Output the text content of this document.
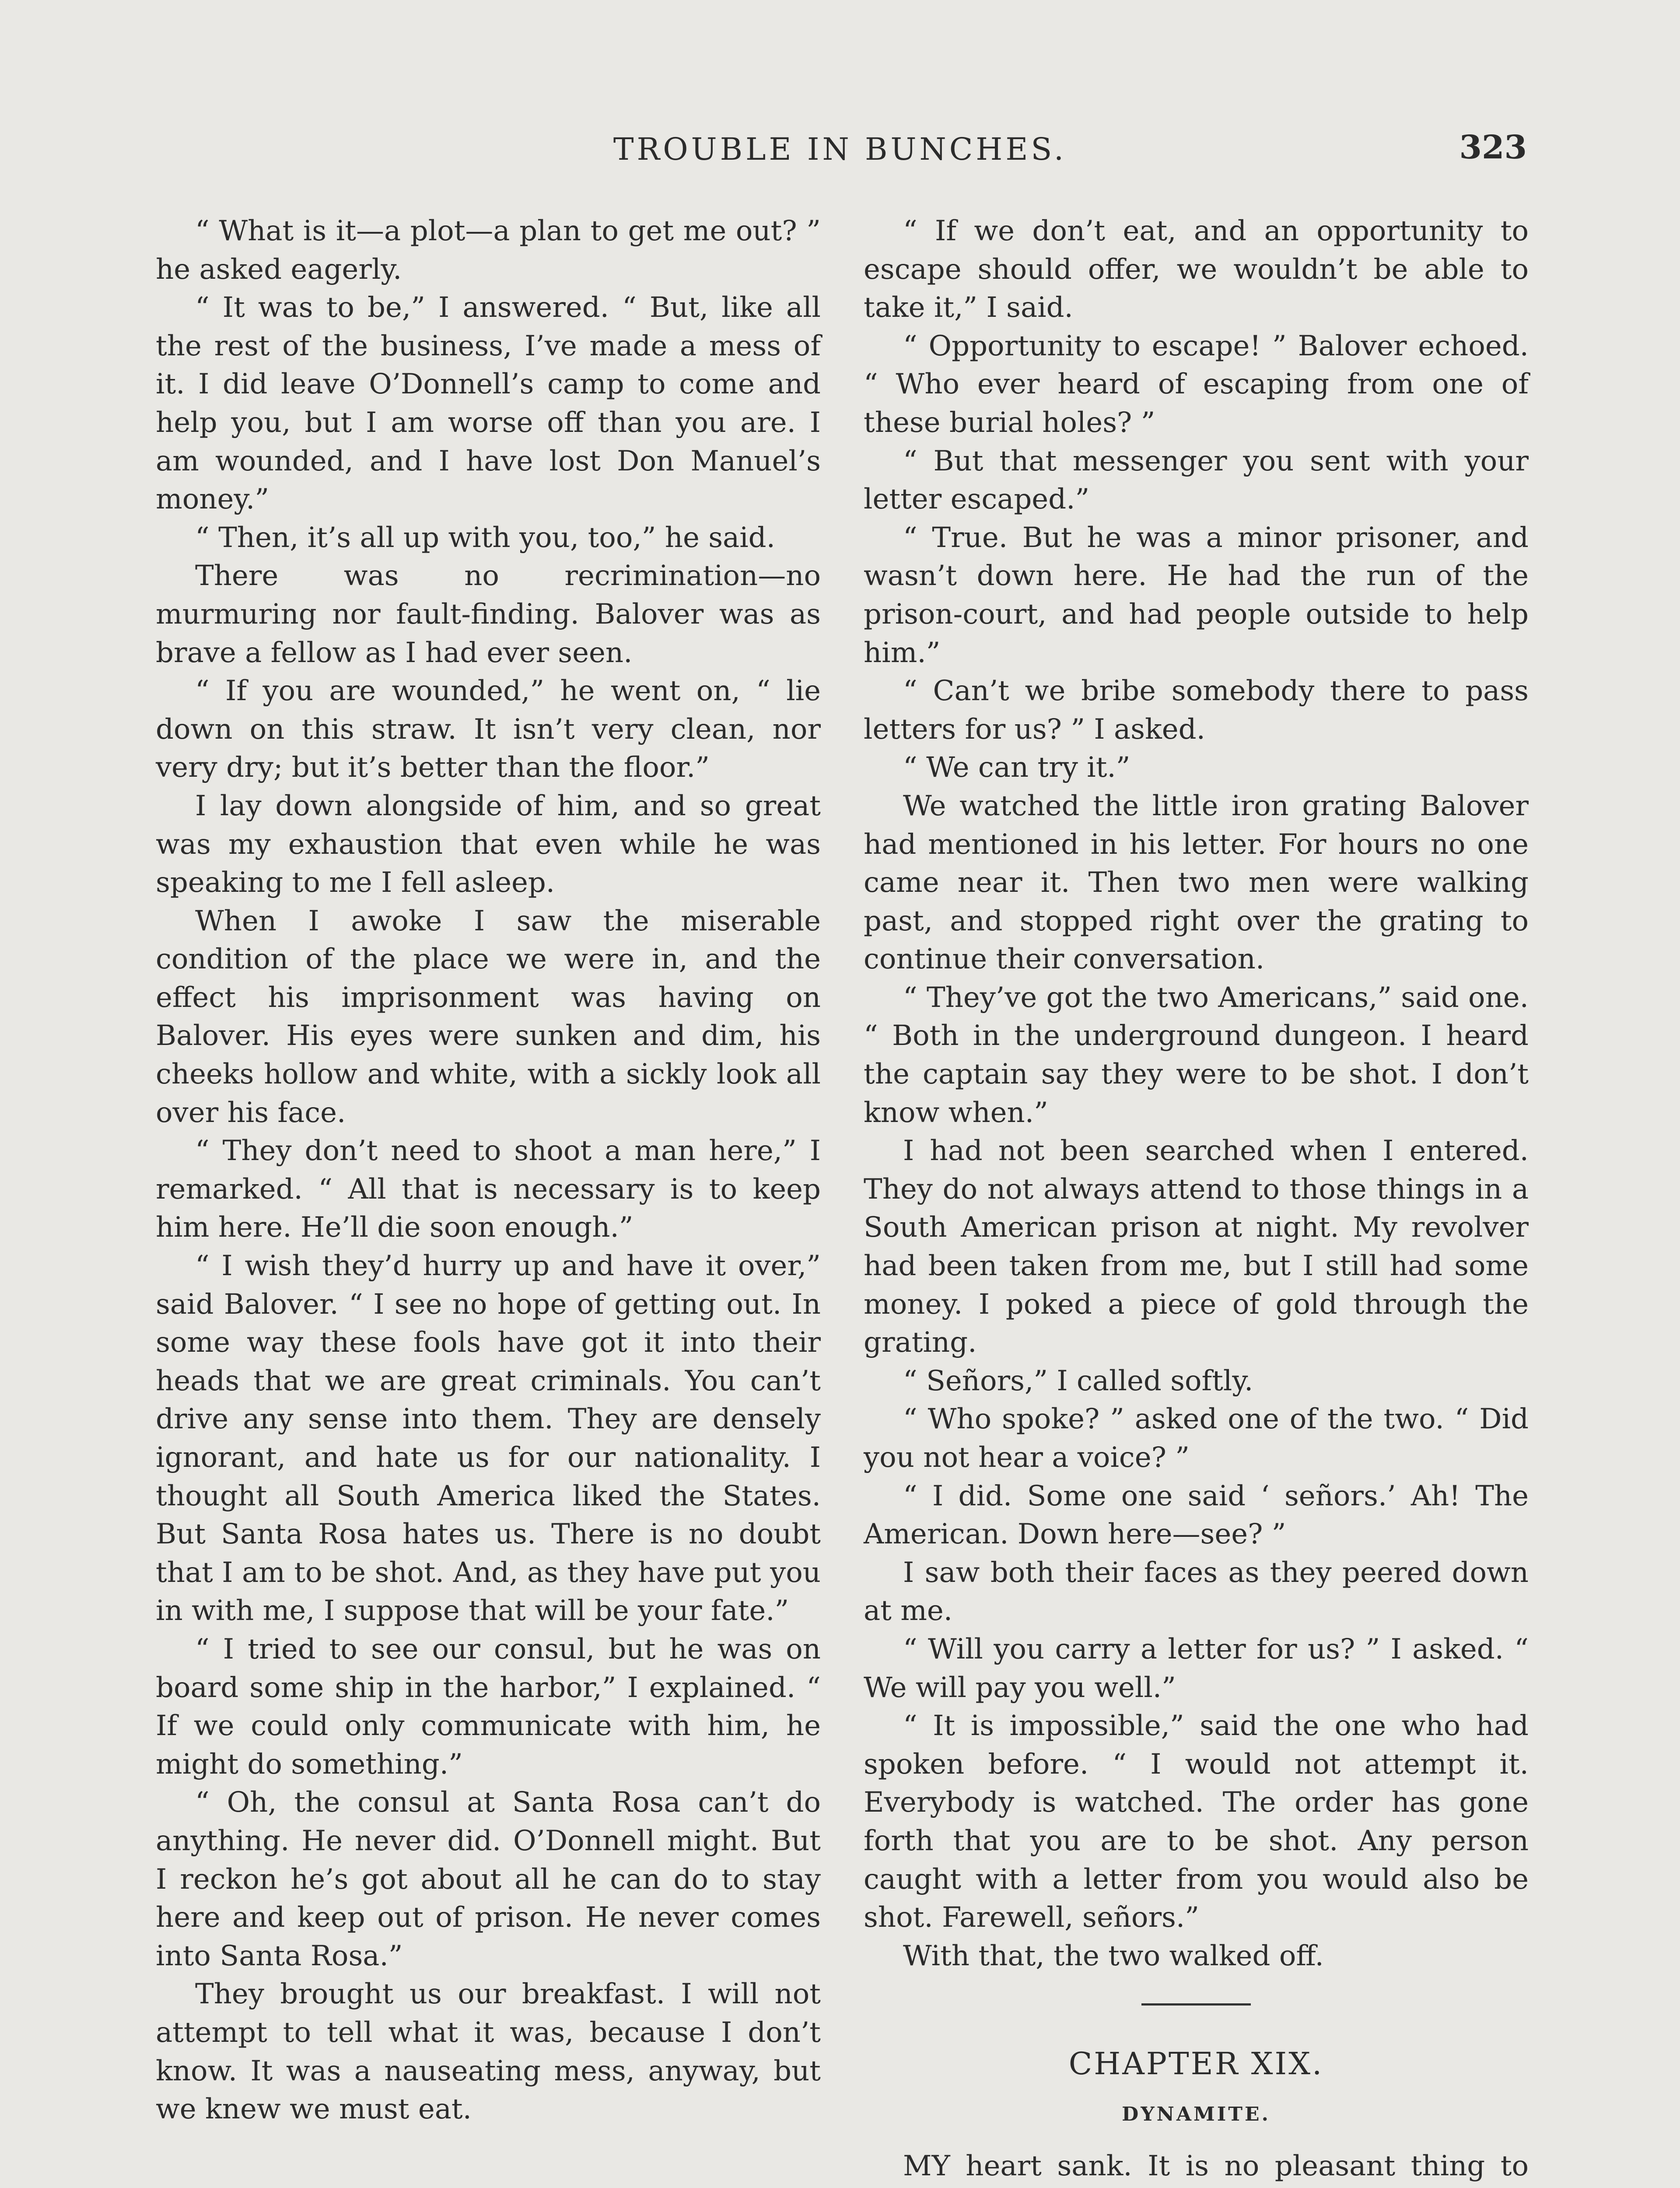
TROUBLE IN BUNCHES.	323

“ What is it—a plot—a plan to get me out? ” he asked eagerly.

“ It was to be,” I answered. “ But, like all the rest of the business, I’ve made a mess of it. I did leave O’Donnell’s camp to come and help you, but I am worse off than you are. I am wounded, and I have lost Don Manuel’s money.”

“ Then, it’s all up with you, too,” he said.

There was no recrimination—no murmuring nor fault-finding. Balover was as brave a fellow as I had ever seen.

“ If you are wounded,” he went on, “ lie down on this straw. It isn’t very clean, nor very dry; but it’s better than the floor.”

I lay down alongside of him, and so great was my exhaustion that even while he was speaking to me I fell asleep.

When I awoke I saw the miserable condition of the place we were in, and the effect his imprisonment was having on Balover. His eyes were sunken and dim, his cheeks hollow and white, with a sickly look all over his face.

“ They don’t need to shoot a man here,” I remarked. “ All that is necessary is to keep him here. He’ll die soon enough.”

“ I wish they’d hurry up and have it over,” said Balover. “ I see no hope of getting out. In some way these fools have got it into their heads that we are great criminals. You can’t drive any sense into them. They are densely ignorant, and hate us for our nationality. I thought all South America liked the States. But Santa Rosa hates us. There is no doubt that I am to be shot. And, as they have put you in with me, I suppose that will be your fate.”

“ I tried to see our consul, but he was on board some ship in the harbor,” I explained. “ If we could only communicate with him, he might do something.”

“ Oh, the consul at Santa Rosa can’t do anything. He never did. O’Donnell might. But I reckon he’s got about all he can do to stay here and keep out of prison. He never comes into Santa Rosa.”

They brought us our breakfast. I will not attempt to tell what it was, because I don’t know. It was a nauseating mess, anyway, but we knew we must eat.

“ If we don’t eat, and an opportunity to escape should offer, we wouldn’t be able to take it,” I said.

“ Opportunity to escape! ” Balover echoed. “ Who ever heard of escaping from one of these burial holes? ”

“ But that messenger you sent with your letter escaped.”

“ True. But he was a minor prisoner, and wasn’t down here. He had the run of the prison-court, and had people outside to help him.”

“ Can’t we bribe somebody there to pass letters for us? ” I asked.

“ We can try it.”

We watched the little iron grating Balover had mentioned in his letter. For hours no one came near it. Then two men were walking past, and stopped right over the grating to continue their conversation.

“ They’ve got the two Americans,” said one. “ Both in the underground dungeon. I heard the captain say they were to be shot. I don’t know when.”

I had not been searched when I entered. They do not always attend to those things in a South American prison at night. My revolver had been taken from me, but I still had some money. I poked a piece of gold through the grating.

“ Señors,” I called softly.

“ Who spoke? ” asked one of the two. “ Did you not hear a voice? ”

“ I did. Some one said ‘ señors.’ Ah! The American. Down here—see? ”

I saw both their faces as they peered down at me.

“ Will you carry a letter for us? ” I asked. “ We will pay you well.”

“ It is impossible,” said the one who had spoken before. “ I would not attempt it. Everybody is watched. The order has gone forth that you are to be shot. Any person caught with a letter from you would also be shot. Farewell, señors.”

With that, the two walked off.

CHAPTER XIX.
DYNAMITE.

MY heart sank. It is no pleasant thing to
